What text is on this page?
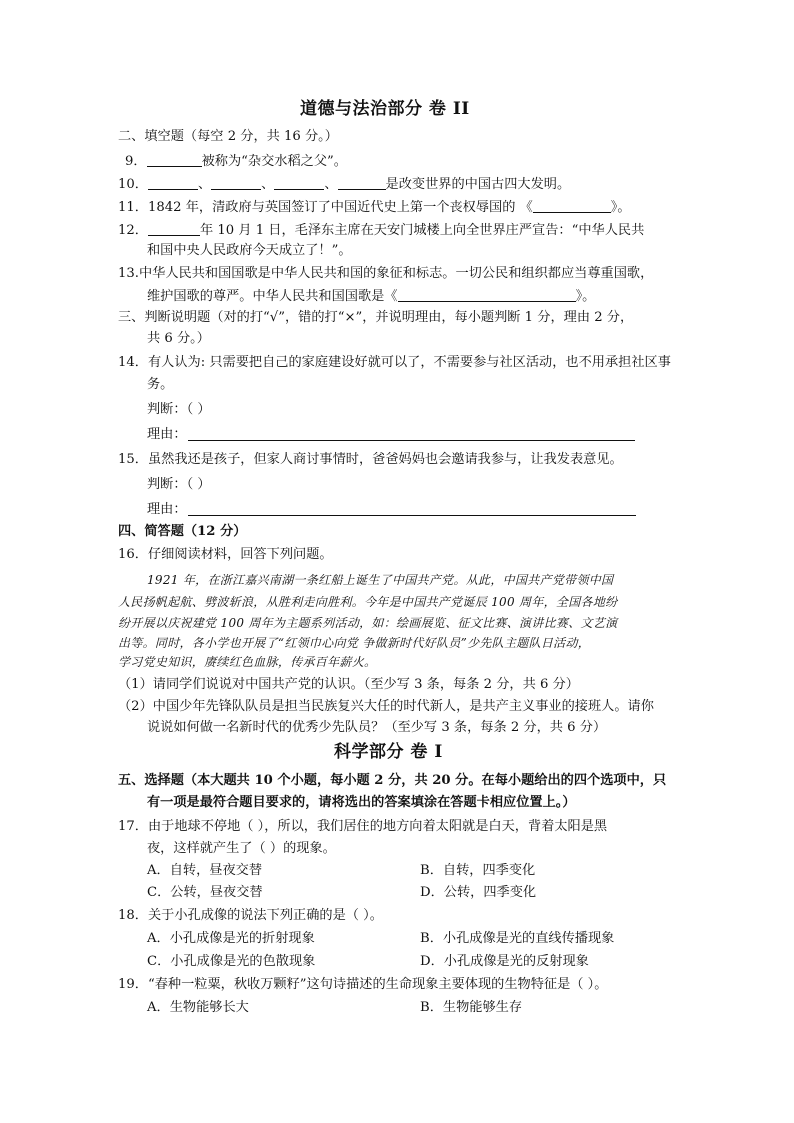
道德与法治部分 卷 II
二、填空题（每空 2 分，共 16 分。）
9．	被称为“杂交水稻之父”。
10．	、	、	、	是改变世界的中国古四大发明。
11．1842 年，清政府与英国签订了中国近代史上第一个丧权辱国的 《	》。
12．	年 10 月 1 日，毛泽东主席在天安门城楼上向全世界庄严宣告：“中华人民共
和国中央人民政府今天成立了！”。
13.中华人民共和国国歌是中华人民共和国的象征和标志。一切公民和组织都应当尊重国歌，
维护国歌的尊严。中华人民共和国国歌是《	》。
三、判断说明题（对的打“√”，错的打“×”，并说明理由，每小题判断 1 分，理由 2 分，
共 6 分。）
14．有人认为: 只需要把自己的家庭建设好就可以了，不需要参与社区活动，也不用承担社区事
务。
判断：（ ）
理由：
15．虽然我还是孩子，但家人商讨事情时，爸爸妈妈也会邀请我参与，让我发表意见。
判断：（ ）
理由：
四、简答题（12 分）
16．仔细阅读材料，回答下列问题。
1921 年，在浙江嘉兴南湖一条红船上诞生了中国共产党。从此，中国共产党带领中国
人民扬帆起航、劈波斩浪，从胜利走向胜利。今年是中国共产党诞辰 100 周年，全国各地纷
纷开展以庆祝建党 100 周年为主题系列活动，如：绘画展览、征文比赛、演讲比赛、文艺演
出等。同时，各小学也开展了“红领巾心向党 争做新时代好队员”少先队主题队日活动，
学习党史知识，赓续红色血脉，传承百年薪火。
（1）请同学们说说对中国共产党的认识。（至少写 3 条，每条 2 分，共 6 分）
（2）中国少年先锋队队员是担当民族复兴大任的时代新人，是共产主义事业的接班人。请你
说说如何做一名新时代的优秀少先队员？（至少写 3 条，每条 2 分，共 6 分）
科学部分 卷 I
五、选择题（本大题共 10 个小题，每小题 2 分，共 20 分。在每小题给出的四个选项中，只
有一项是最符合题目要求的，请将选出的答案填涂在答题卡相应位置上。）
17．由于地球不停地（ ），所以，我们居住的地方向着太阳就是白天，背着太阳是黑
夜，这样就产生了（ ）的现象。
A．自转，昼夜交替	B．自转，四季变化
C．公转，昼夜交替	D．公转，四季变化
18．关于小孔成像的说法下列正确的是（ ）。
A．小孔成像是光的折射现象	B．小孔成像是光的直线传播现象
C．小孔成像是光的色散现象	D．小孔成像是光的反射现象
19．“春种一粒粟，秋收万颗籽”这句诗描述的生命现象主要体现的生物特征是（ ）。
A．生物能够长大	B．生物能够生存
